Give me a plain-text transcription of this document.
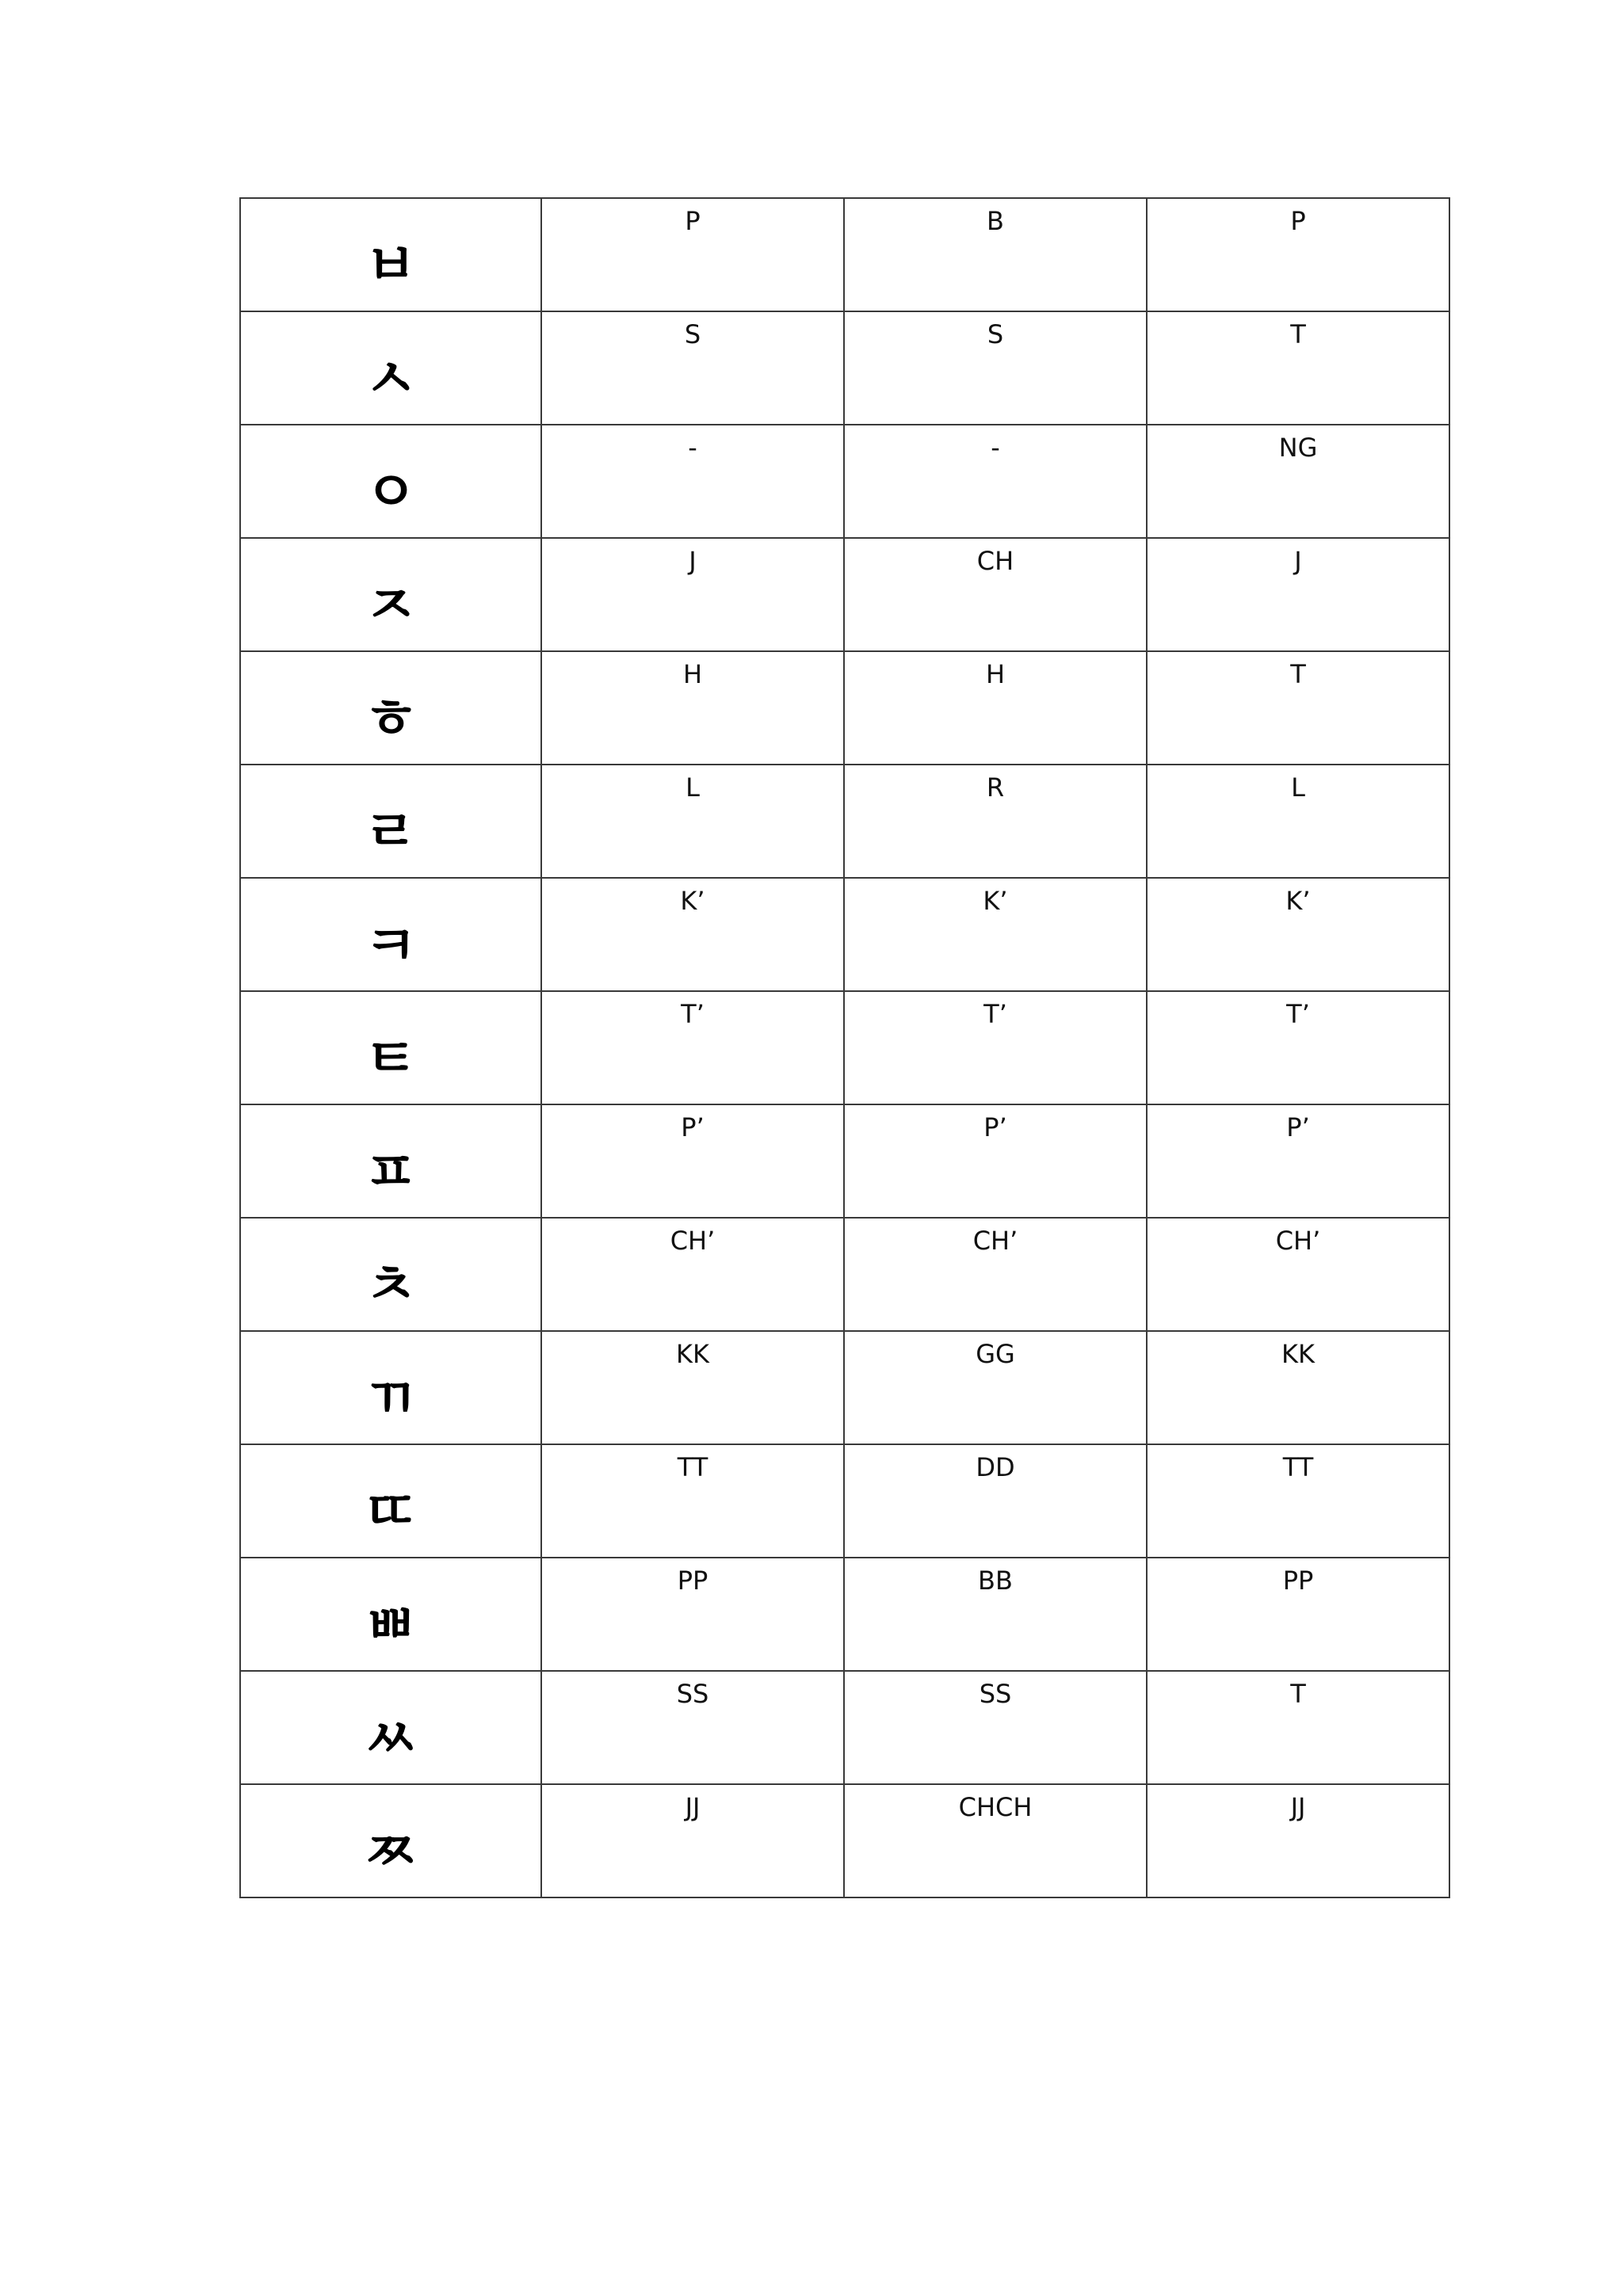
ㅂ	P	B	P

ㅅ	S	S	T

ㅇ	-	-	NG

ㅈ	J	CH	J

ㅎ	H	H	T

ㄹ	L	R	L

ㅋ	K’	K’	K’

ㅌ	T’	T’	T’

ㅍ	P’	P’	P’

ㅊ	CH’	CH’	CH’

ㄲ	KK	GG	KK

ㄸ	TT	DD	TT

ㅃ	PP	BB	PP

ㅆ	SS	SS	T

ㅉ	JJ	CHCH	JJ
